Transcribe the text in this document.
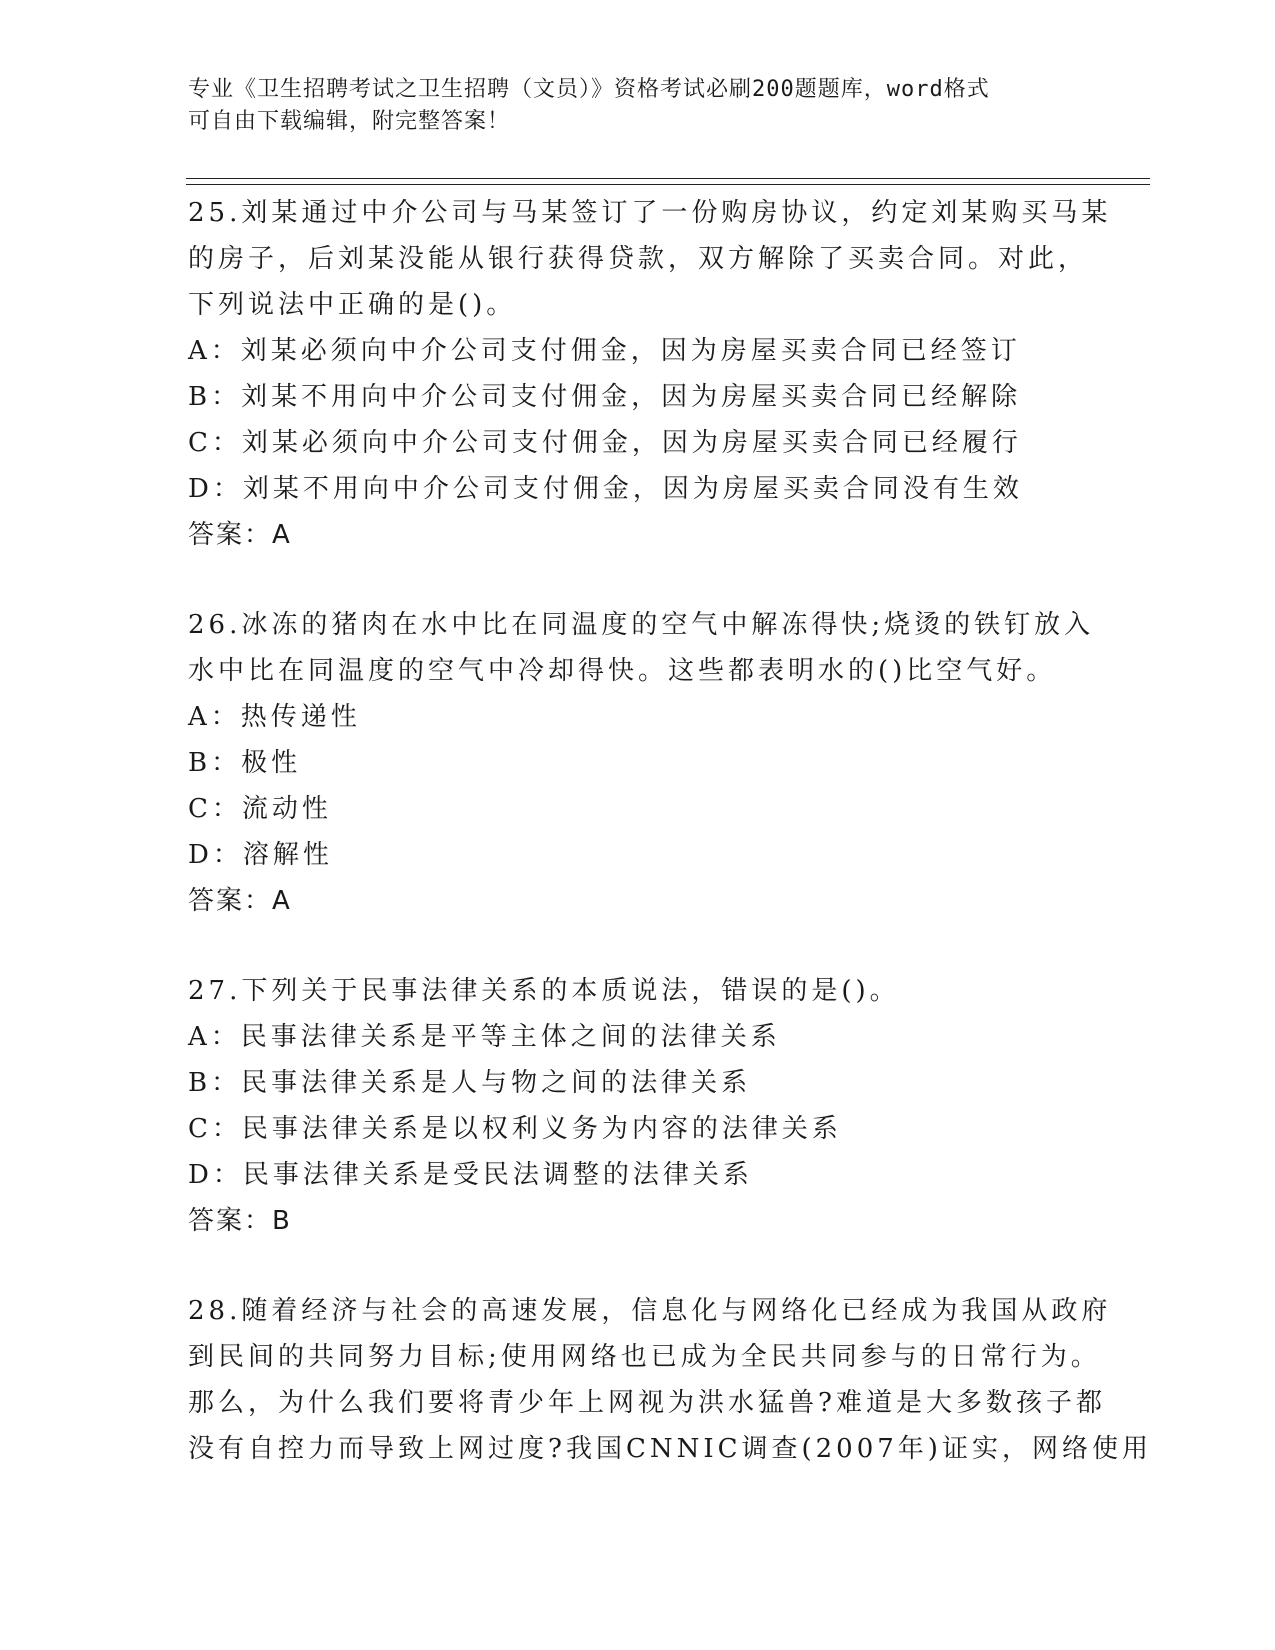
专业《卫生招聘考试之卫生招聘（文员）》资格考试必刷200题题库，word格式
可自由下载编辑，附完整答案！
25.刘某通过中介公司与马某签订了一份购房协议，约定刘某购买马某
的房子，后刘某没能从银行获得贷款，双方解除了买卖合同。对此，
下列说法中正确的是()。
A：刘某必须向中介公司支付佣金，因为房屋买卖合同已经签订
B：刘某不用向中介公司支付佣金，因为房屋买卖合同已经解除
C：刘某必须向中介公司支付佣金，因为房屋买卖合同已经履行
D：刘某不用向中介公司支付佣金，因为房屋买卖合同没有生效
答案：A
26.冰冻的猪肉在水中比在同温度的空气中解冻得快;烧烫的铁钉放入
水中比在同温度的空气中冷却得快。这些都表明水的()比空气好。
A：热传递性
B：极性
C：流动性
D：溶解性
答案：A
27.下列关于民事法律关系的本质说法，错误的是()。
A：民事法律关系是平等主体之间的法律关系
B：民事法律关系是人与物之间的法律关系
C：民事法律关系是以权利义务为内容的法律关系
D：民事法律关系是受民法调整的法律关系
答案：B
28.随着经济与社会的高速发展，信息化与网络化已经成为我国从政府
到民间的共同努力目标;使用网络也已成为全民共同参与的日常行为。
那么，为什么我们要将青少年上网视为洪水猛兽?难道是大多数孩子都
没有自控力而导致上网过度?我国CNNIC调查(2007年)证实，网络使用
